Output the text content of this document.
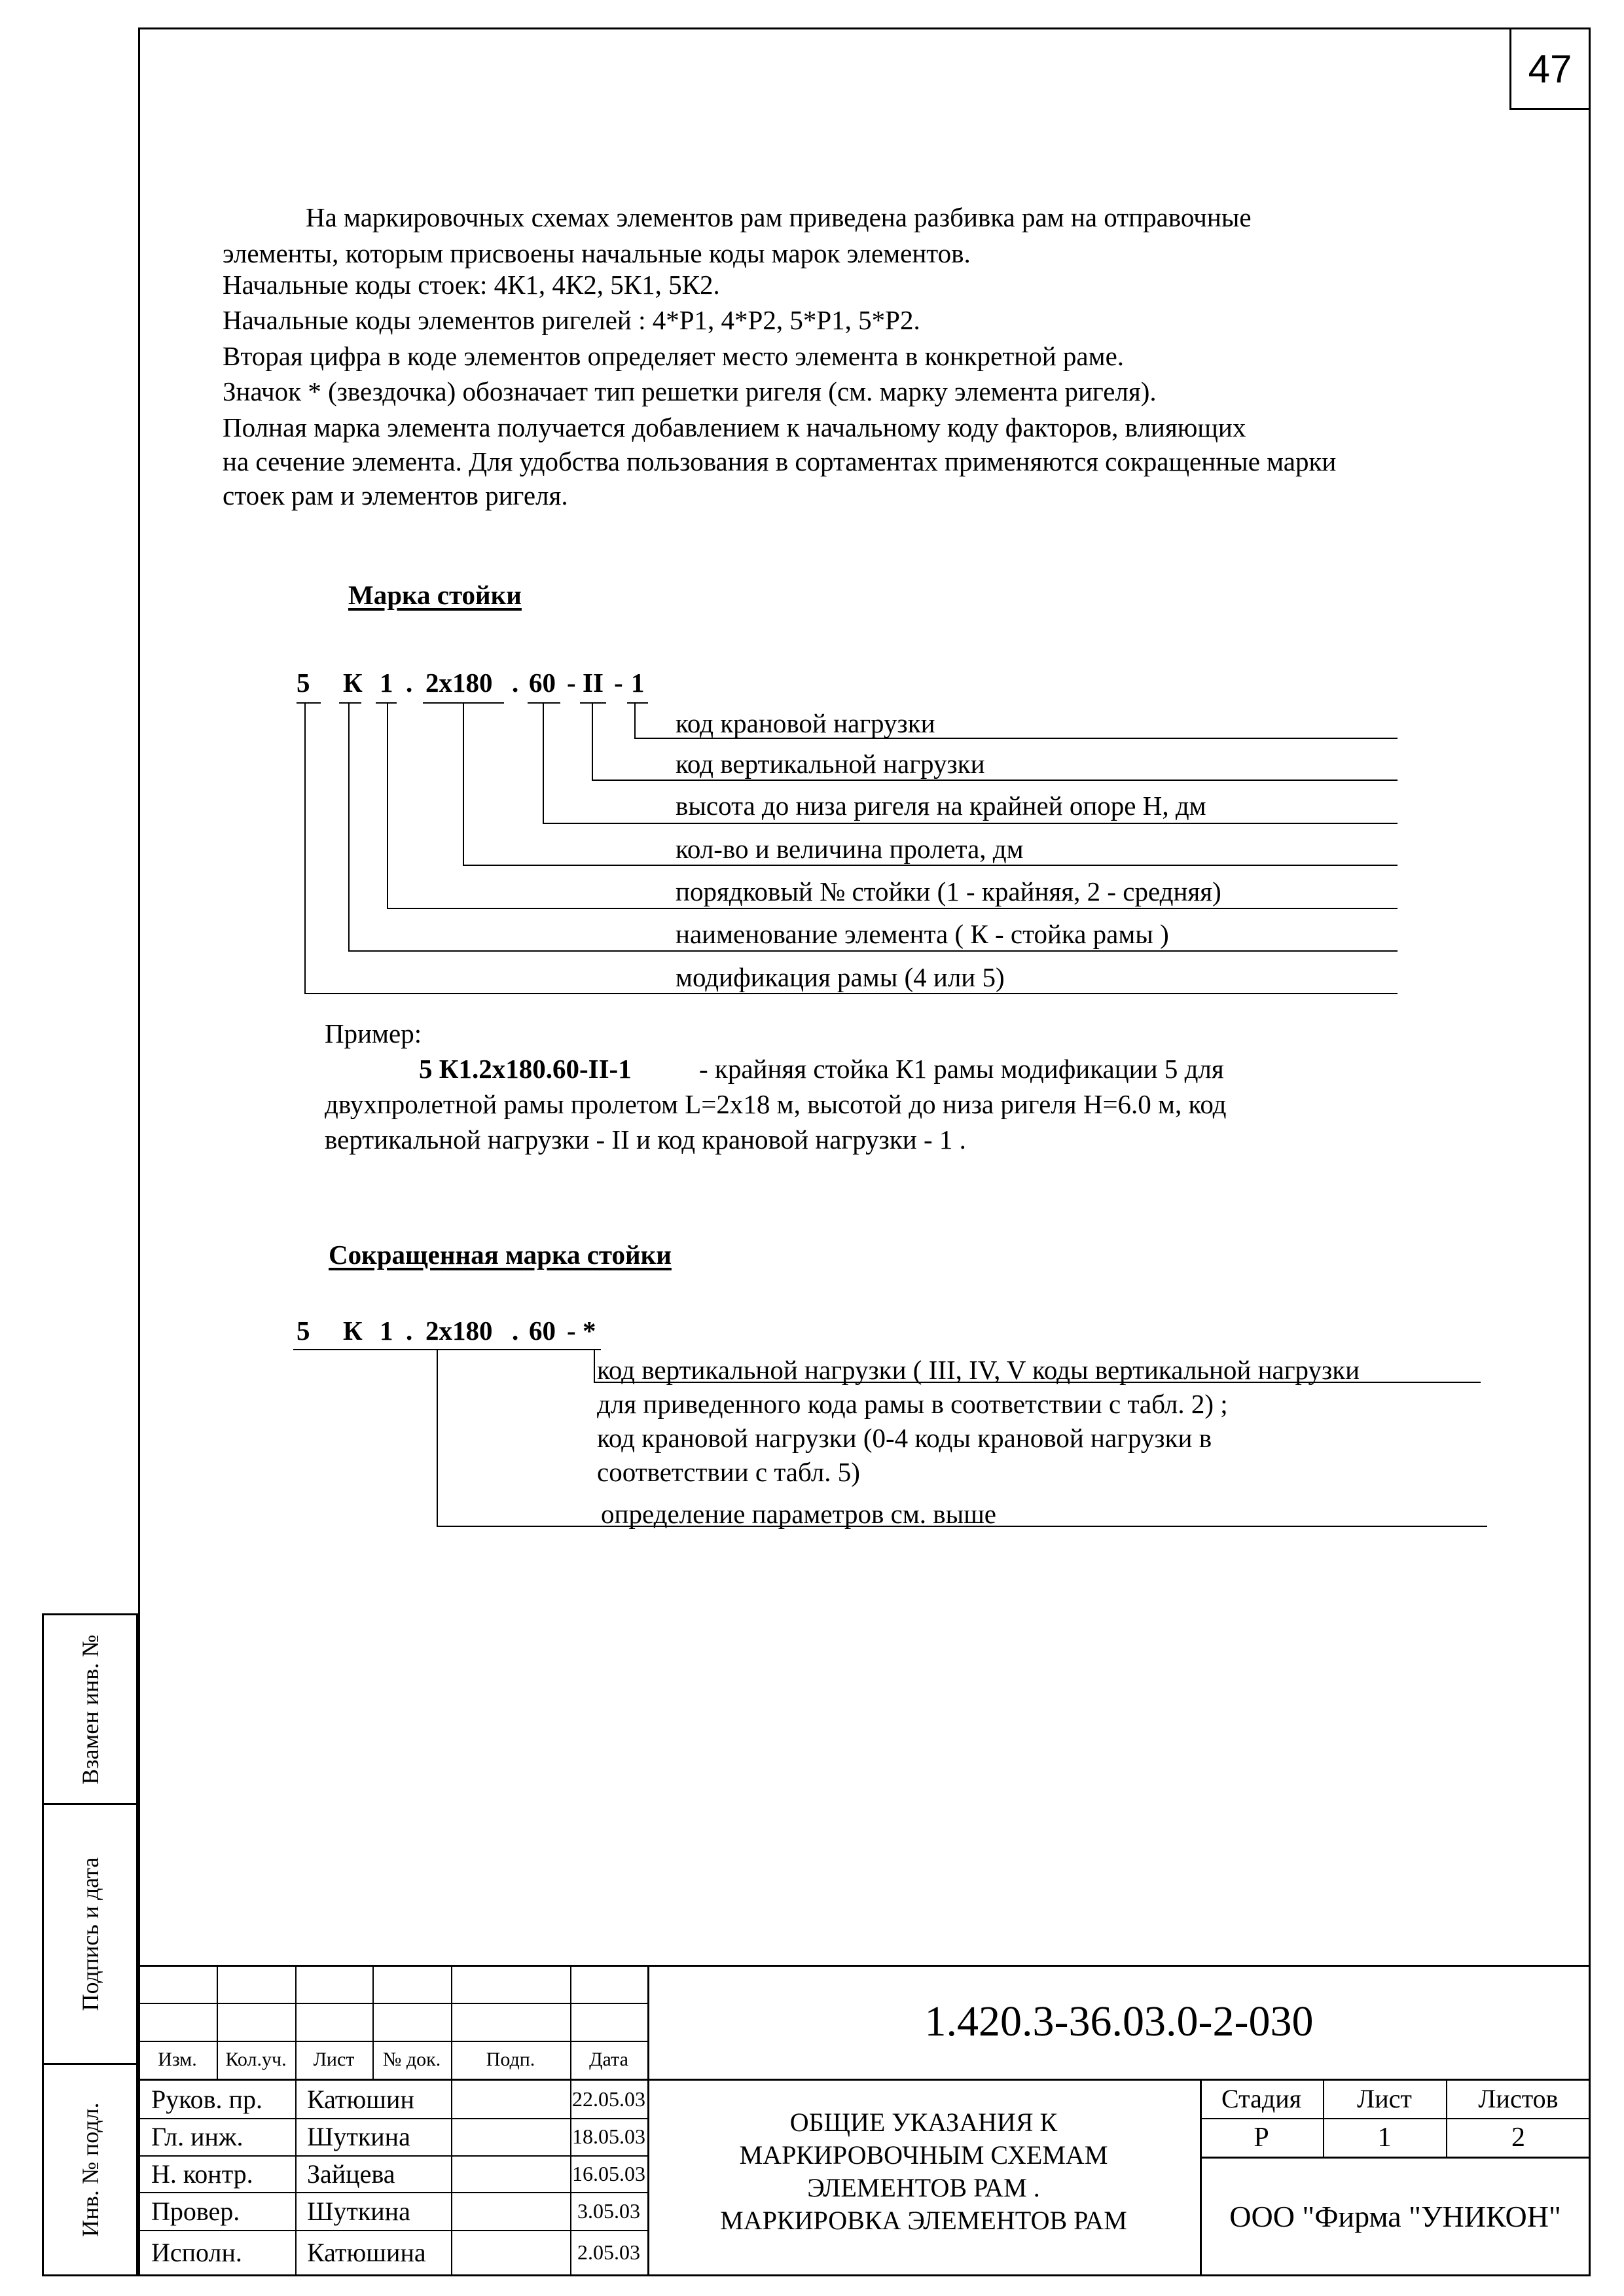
47
На маркировочных схемах элементов рам приведена разбивка рам на отправочные
элементы, которым присвоены начальные коды марок элементов.
Начальные коды стоек: 4К1, 4К2, 5К1, 5К2.
Начальные коды элементов ригелей : 4*Р1, 4*Р2, 5*Р1, 5*Р2.
Вторая цифра в коде элементов определяет место элемента в конкретной раме.
Значок * (звездочка) обозначает тип решетки ригеля (см. марку элемента ригеля).
Полная марка элемента получается добавлением к начальному коду факторов, влияющих
на сечение элемента. Для удобства пользования в сортаментах применяются сокращенные марки
стоек рам и элементов ригеля.
Марка стойки
5 К 1 . 2x180 . 60 - II - 1
код крановой нагрузки
код вертикальной нагрузки
высота до низа ригеля на крайней опоре Н, дм
кол-во и величина пролета, дм
порядковый № стойки (1 - крайняя, 2 - средняя)
наименование элемента ( К - стойка рамы )
модификация рамы (4 или 5)
Пример:
5 К1.2х180.60-II-1	- крайняя стойка К1 рамы модификации 5 для
двухпролетной рамы пролетом L=2х18 м, высотой до низа ригеля Н=6.0 м, код
вертикальной нагрузки - II и код крановой нагрузки - 1 .
Сокращенная марка стойки
5 К 1 . 2x180 . 60 - *
код вертикальной нагрузки ( III, IV, V коды вертикальной нагрузки
для приведенного кода рамы в соответствии с табл. 2) ;
код крановой нагрузки (0-4 коды крановой нагрузки в
соответствии с табл. 5)
определение параметров см. выше
Взамен инв. №
Подпись и дата
Инв. № подл.
1.420.3-36.03.0-2-030
Изм.	Кол.уч.	Лист	№ док.	Подп.	Дата
Руков. пр. Катюшин	22.05.03
Гл. инж. Шуткина	18.05.03
Н. контр. Зайцева	16.05.03
Провер.	Шуткина	3.05.03
Исполн. Катюшина	2.05.03
ОБЩИЕ УКАЗАНИЯ К
МАРКИРОВОЧНЫМ СХЕМАМ
ЭЛЕМЕНТОВ РАМ .
МАРКИРОВКА ЭЛЕМЕНТОВ РАМ
Стадия	Лист	Листов
Р	1	2
ООО "Фирма "УНИКОН"
